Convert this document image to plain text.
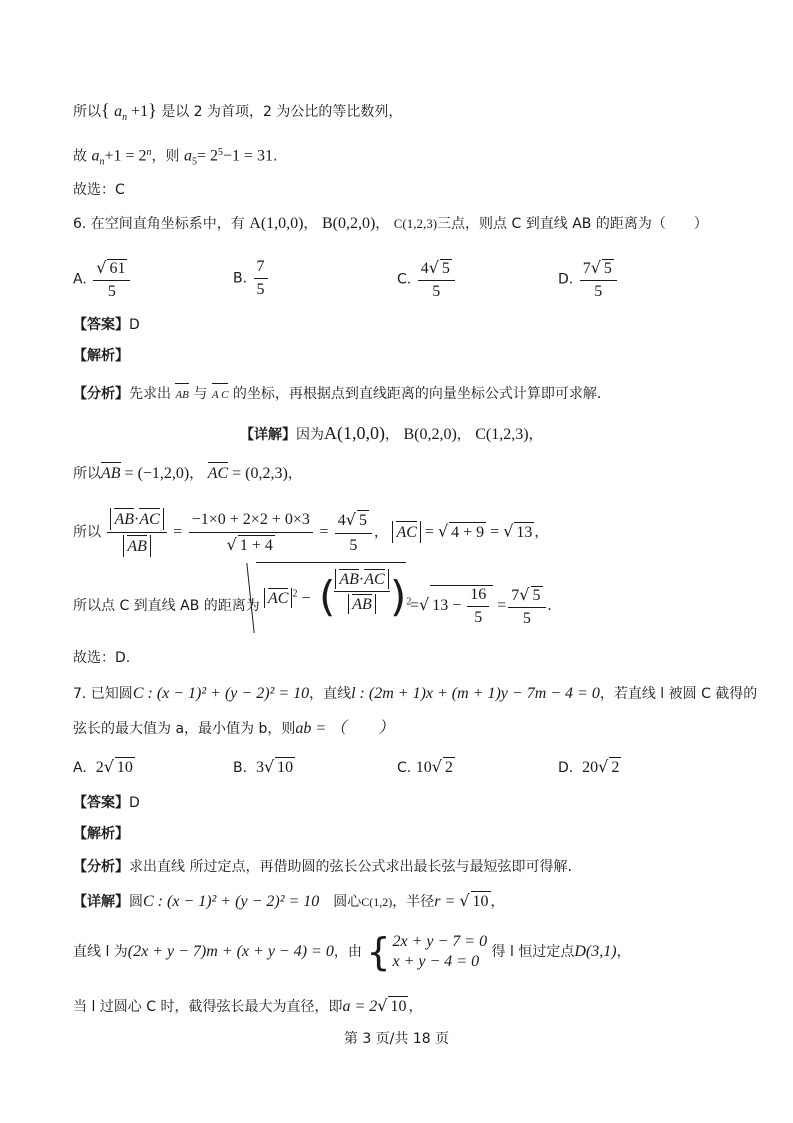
所以{ $a_n +1$} 是以 2 为首项，2 为公比的等比数列，
故 $a_n+1 = 2^n$，则 $a_5= 2^5-1 = 31$.
故选：C
6. 在空间直角坐标系中，有 A(1,0,0)， B(0,2,0)， C(1,2,3)三点，则点 C 到直线 AB 的距离为（　　）
A. $\frac{√ 61}{5}$	B. $\frac{7}{5}$	C. $\frac{4√ 5}{5}$	D. $\frac{7√ 5}{5}$
【答案】D
【解析】
【分析】先求出 AB 与 A C 的坐标，再根据点到直线距离的向量坐标公式计算即可求解．
【详解】因为A(1,0,0)， B(0,2,0)， C(1,2,3)，
所以AB = (−1,2,0)， AC = (0,2,3)，
所以 $\frac{AB\cdot AC}{AB} = \frac{-1\times 0 + 2\times 2 + 0\times 3}{√ 1 + 4} = \frac{4√ 5}{5}$ ， AC = √ 4 + 9 = √ 13 ，
所以点 C 到直线 AB 的距离为 AC $^2$ − ( AB·AC
AB )$^2$
=√ $13 - \frac{16}{5} = \frac{7√ 5}{5}$ .
故选：D.
7. 已知圆C : (x − 1)² + (y − 2)² = 10，直线l : (2m + 1)x + (m + 1)y − 7m − 4 = 0，若直线 l 被圆 C 截得的
弦长的最大值为 a，最小值为 b，则ab = （　　）
A. 2√ 10	B. 3√ 10	C. 10√ 2	D. 20√ 2
【答案】D
【解析】
【分析】求出直线 所过定点，再借助圆的弦长公式求出最长弦与最短弦即可得解.
【详解】圆C : (x − 1)² + (y − 2)² = 10　圆心C(1,2)，半径r = √ 10 ，
直线 l 为(2x + y − 7)m + (x + y − 4) = 0，由 { 2x + y − 7 = 0
x + y − 4 = 0
得 l 恒过定点D(3,1)，
当 l 过圆心 C 时，截得弦长最大为直径，即a = 2√ 10 ，
第 3 页/共 18 页
